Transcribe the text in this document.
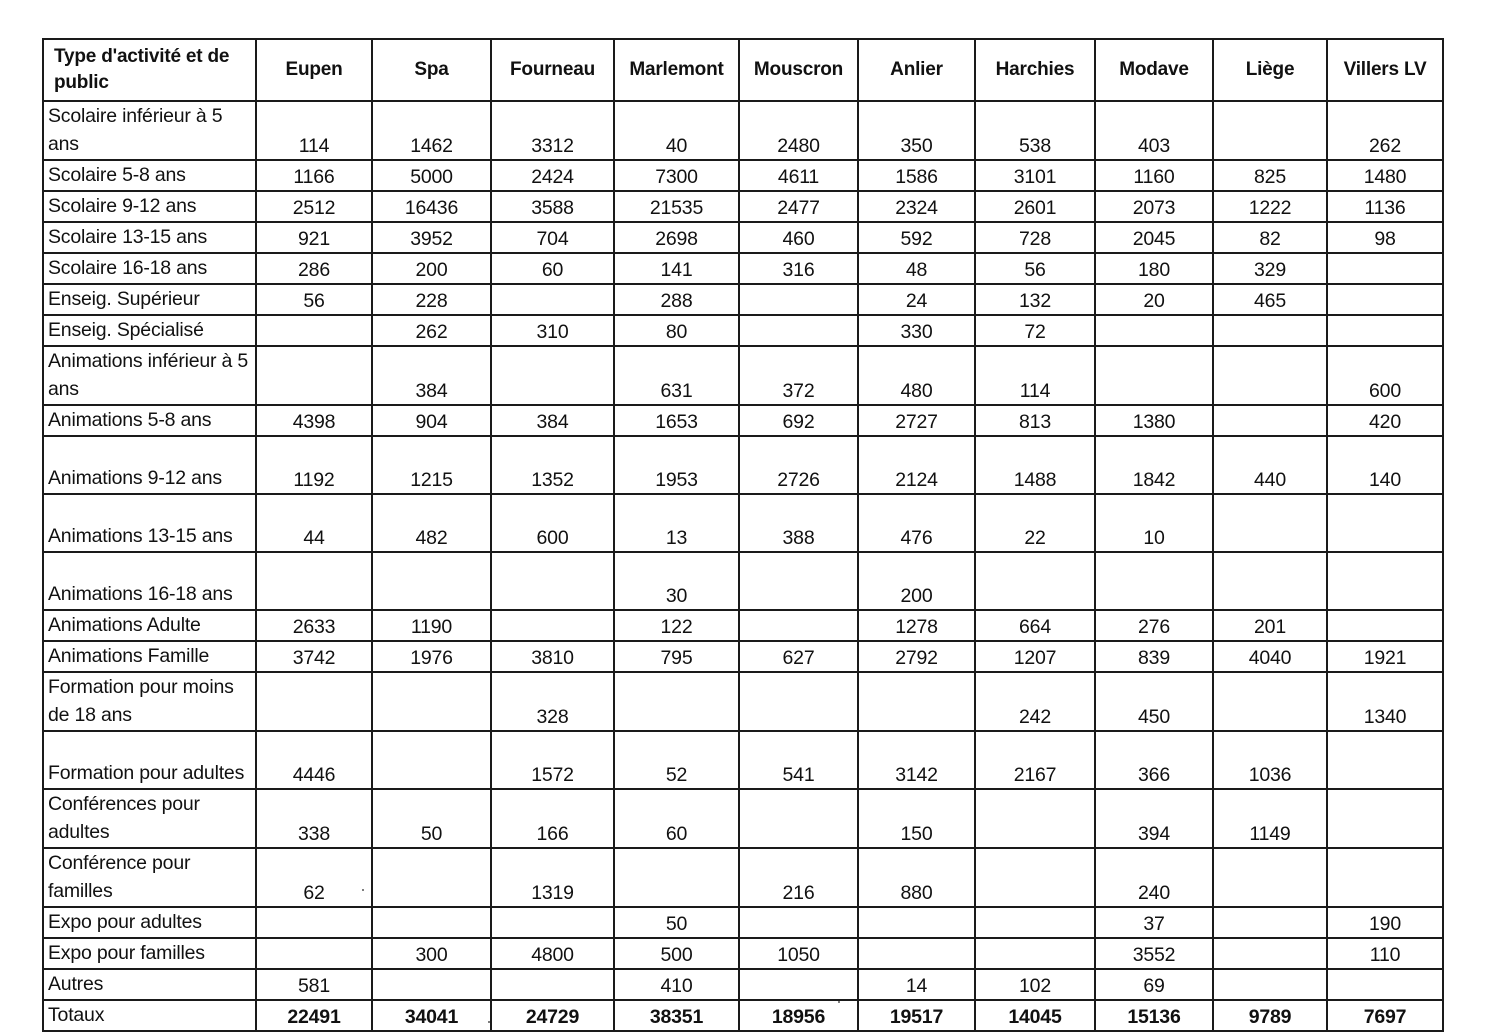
Type d'activité et de public	Eupen	Spa	Fourneau	Marlemont	Mouscron	Anlier	Harchies	Modave	Liège	Villers LV
Scolaire inférieur à 5 ans	114	1462	3312	40	2480	350	538	403		262
Scolaire 5-8 ans	1166	5000	2424	7300	4611	1586	3101	1160	825	1480
Scolaire 9-12 ans	2512	16436	3588	21535	2477	2324	2601	2073	1222	1136
Scolaire 13-15 ans	921	3952	704	2698	460	592	728	2045	82	98
Scolaire 16-18 ans	286	200	60	141	316	48	56	180	329	
Enseig. Supérieur	56	228		288		24	132	20	465	
Enseig. Spécialisé		262	310	80		330	72			
Animations inférieur à 5 ans		384		631	372	480	114			600
Animations 5-8 ans	4398	904	384	1653	692	2727	813	1380		420
Animations 9-12 ans	1192	1215	1352	1953	2726	2124	1488	1842	440	140
Animations 13-15 ans	44	482	600	13	388	476	22	10		
Animations 16-18 ans				30		200				
Animations Adulte	2633	1190		122		1278	664	276	201	
Animations Famille	3742	1976	3810	795	627	2792	1207	839	4040	1921
Formation pour moins de 18 ans			328				242	450		1340
Formation pour adultes	4446		1572	52	541	3142	2167	366	1036	
Conférences pour adultes	338	50	166	60		150		394	1149	
Conférence pour familles	62		1319		216	880		240		
Expo pour adultes				50				37		190
Expo pour familles		300	4800	500	1050			3552		110
Autres	581			410		14	102	69		
Totaux	22491	34041	24729	38351	18956	19517	14045	15136	9789	7697
